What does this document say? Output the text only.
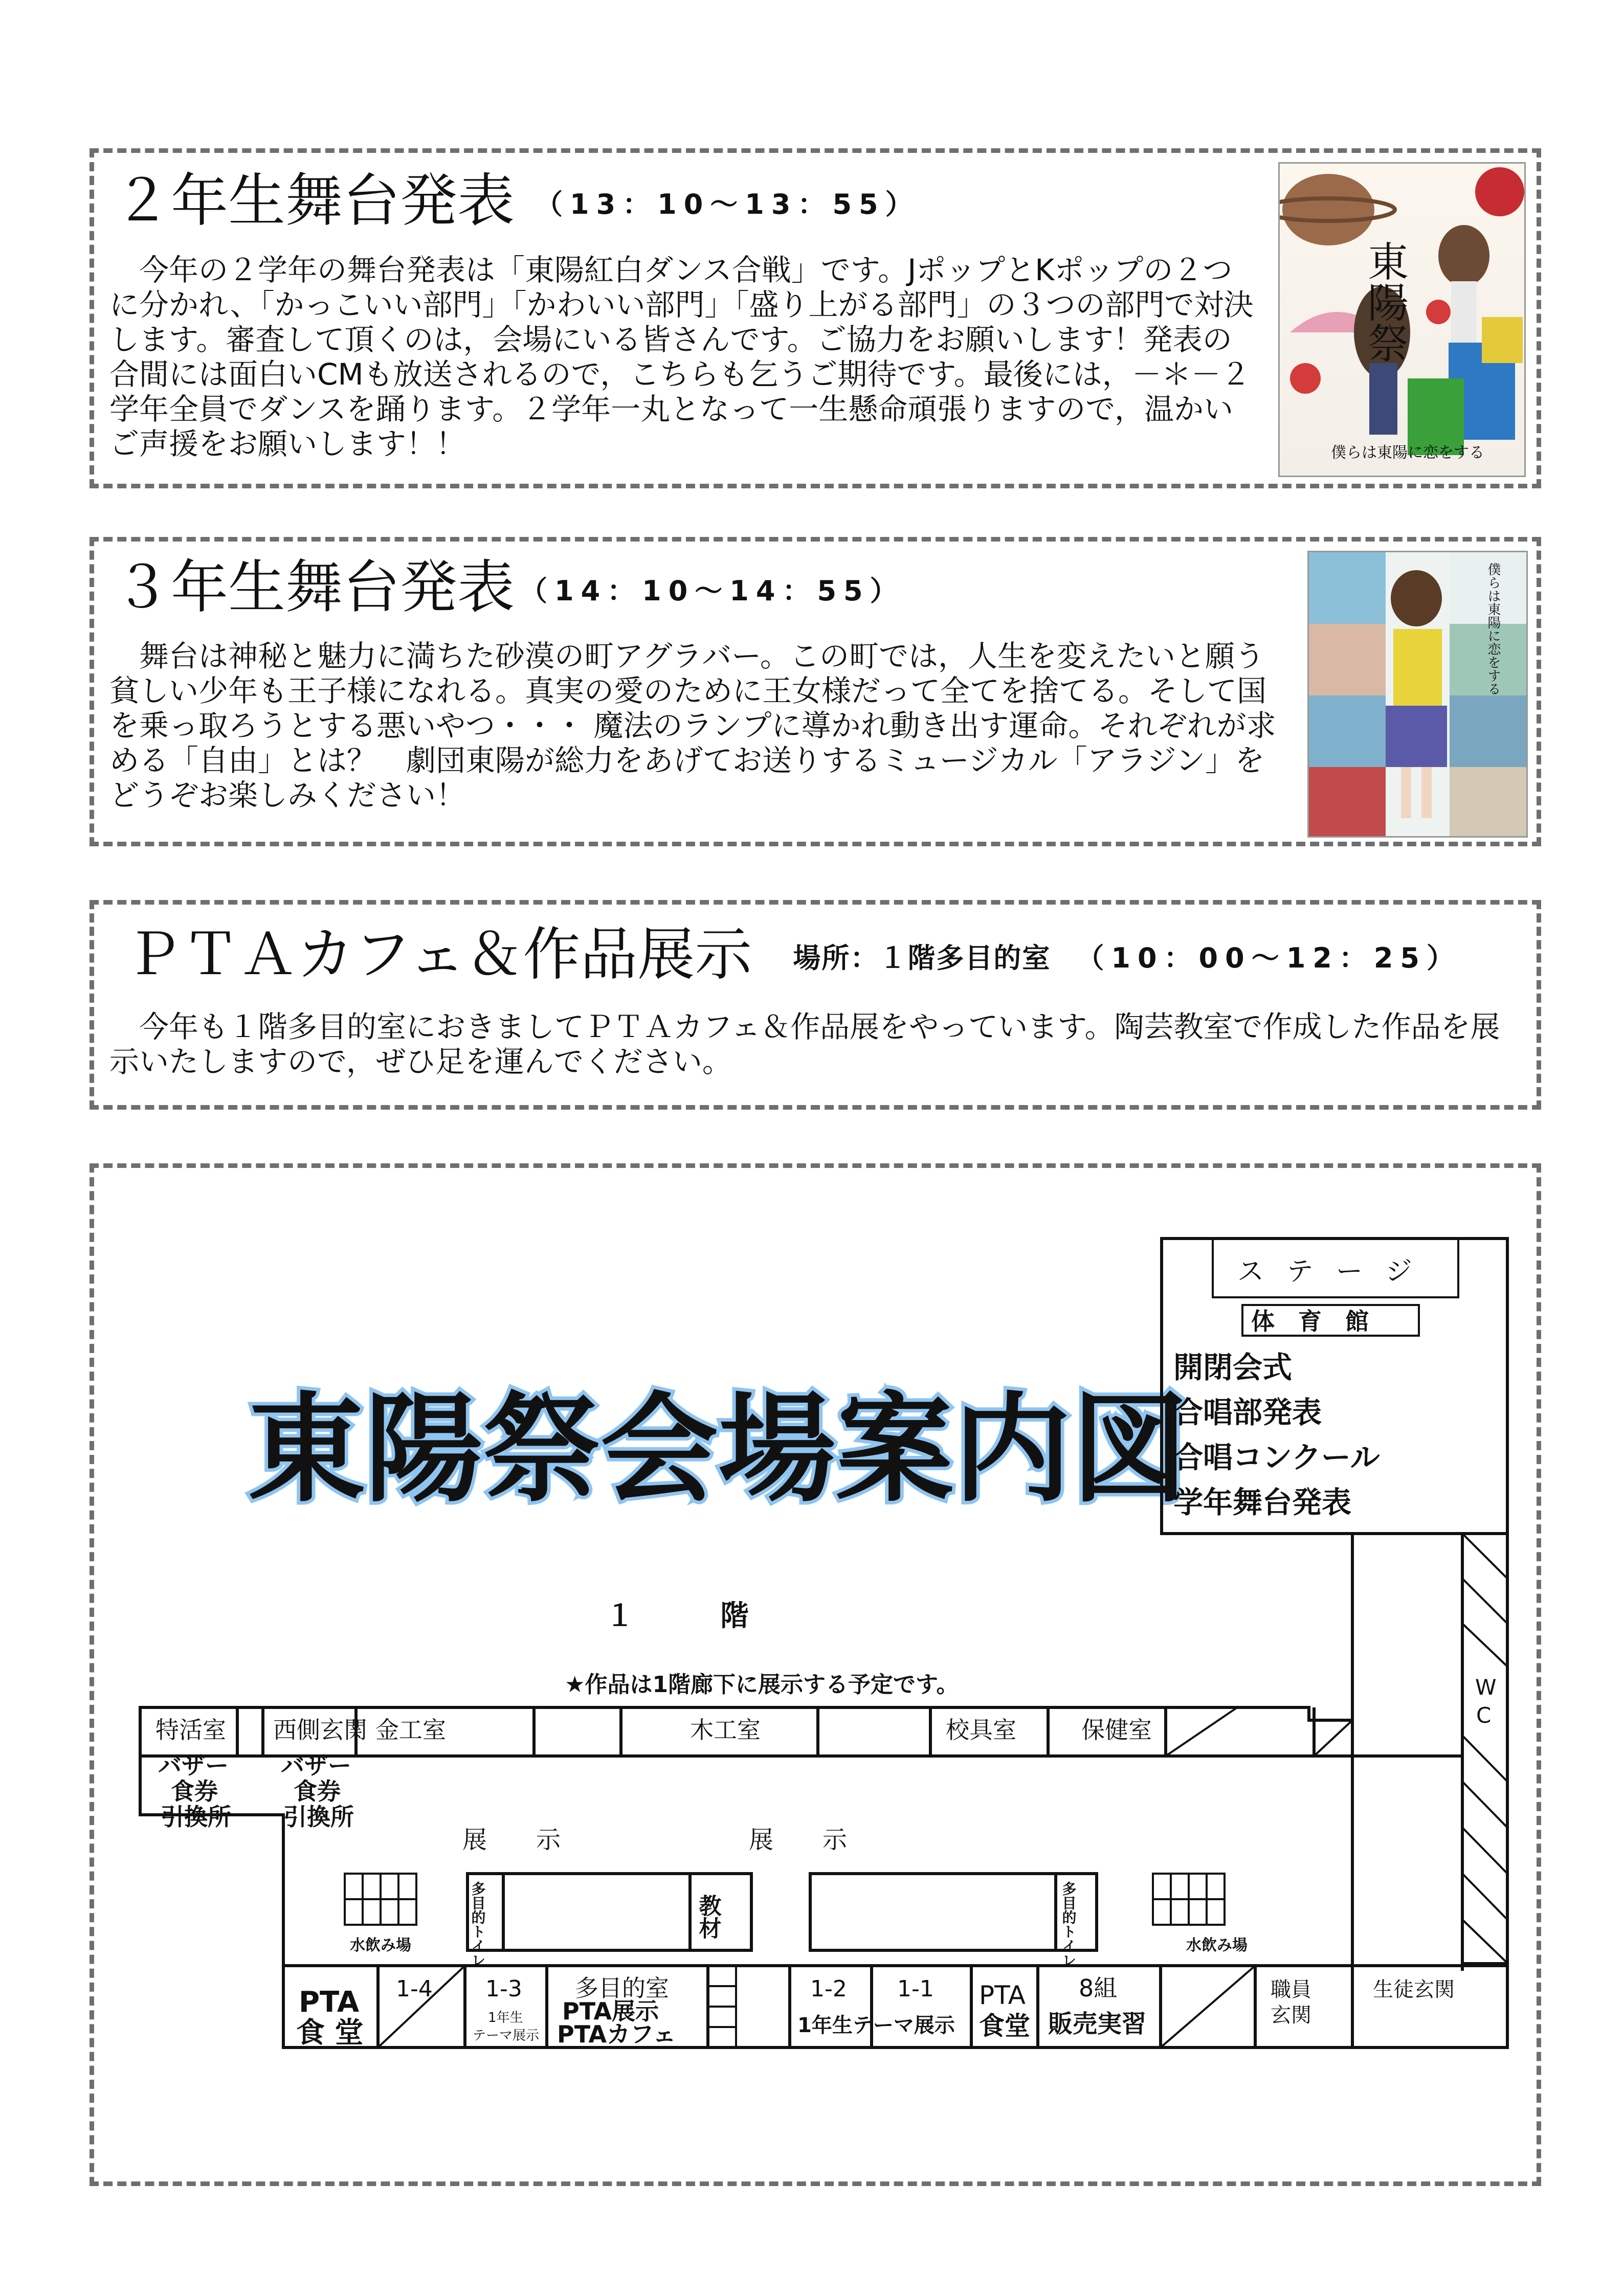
２年生舞台発表 （13：10～13：55）
今年の２学年の舞台発表は「東陽紅白ダンス合戦」です。JポップとKポップの２つに分かれ、「かっこいい部門」「かわいい部門」「盛り上がる部門」の３つの部門で対決します。審査して頂くのは，会場にいる皆さんです。ご協力をお願いします！発表の合間には面白いCMも放送されるので，こちらも乞うご期待です。最後には，－＊－２学年全員でダンスを踊ります。２学年一丸となって一生懸命頑張りますので，温かいご声援をお願いします！！
東陽祭
僕らは東陽に恋をする
３年生舞台発表 （14：10～14：55）
舞台は神秘と魅力に満ちた砂漠の町アグラバー。この町では，人生を変えたいと願う貧しい少年も王子様になれる。真実の愛のために王女様だって全てを捨てる。そして国を乗っ取ろうとする悪いやつ・・・ 魔法のランプに導かれ動き出す運命。それぞれが求める「自由」とは？　劇団東陽が総力をあげてお送りするミュージカル「アラジン」をどうぞお楽しみください！
僕らは東陽に恋をする
ＰＴＡカフェ＆作品展示 場所：１階多目的室 （10：00～12：25）
今年も１階多目的室におきましてＰＴＡカフェ＆作品展をやっています。陶芸教室で作成した作品を展示いたしますので，ぜひ足を運んでください。
東陽祭会場案内図
ス テ ー ジ
体　育　館
開閉会式
合唱部発表
合唱コンクール
学年舞台発表
W
C
１　　　階
★作品は1階廊下に展示する予定です。
特活室 西側玄関 金工室	木工室	校具室	保健室
バザー
食券
引換所
バザー
食券
引換所
展　　示	展　　示
水飲み場	多目的トイレ	教材	多目的トイレ	水飲み場
PTA
食 堂
1-4 1-3
1年生
テーマ展示
多目的室
PTA展示
PTAカフェ
1-2 1-1
1年生テーマ展示
PTA
食堂
8組
販売実習
職員
玄関
生徒玄関
